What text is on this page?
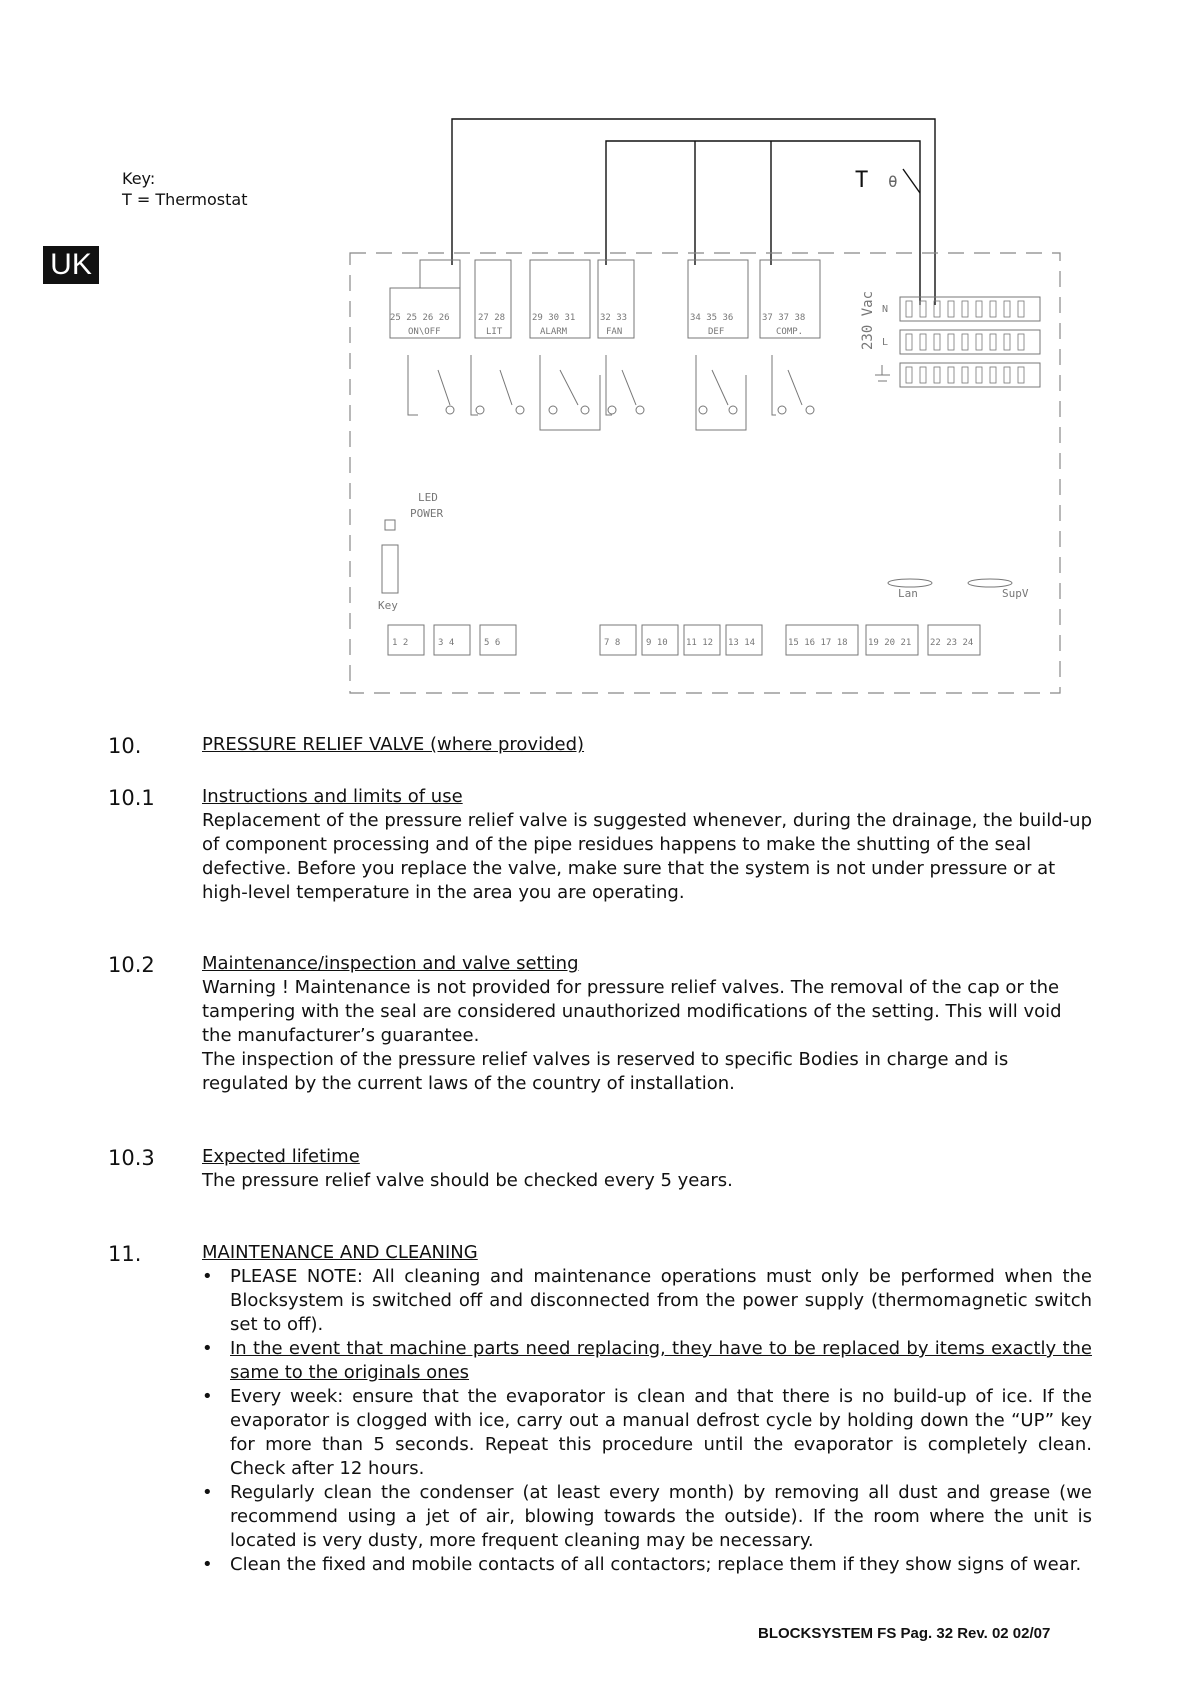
Key:
T = Thermostat
UK
T θ
25 25 26 26	27 28	29 30 31	32 33	34 35 36	37 37 38
ON\OFF	LIT	ALARM	FAN	DEF	COMP.
LED
POWER
Key
Lan	SupV
N
L
1 2	3 4	5 6	7 8	9 10 11 12 13 14	15 16 17 18 19 20 21 22 23 24
230 Vac
10.	PRESSURE RELIEF VALVE (where provided)
10.1	Instructions and limits of use

Replacement of the pressure relief valve is suggested whenever, during the drainage, the build-up of component processing and of the pipe residues happens to make the shutting of the seal defective. Before you replace the valve, make sure that the system is not under pressure or at high-level temperature in the area you are operating.

10.2	Maintenance/inspection and valve setting

Warning ! Maintenance is not provided for pressure relief valves. The removal of the cap or the tampering with the seal are considered unauthorized modifications of the setting. This will void the manufacturer’s guarantee.

The inspection of the pressure relief valves is reserved to specific Bodies in charge and is regulated by the current laws of the country of installation.

10.3	Expected lifetime

The pressure relief valve should be checked every 5 years.

11.	MAINTENANCE AND CLEANING
• PLEASE NOTE: All cleaning and maintenance operations must only be performed when the Blocksystem is switched off and disconnected from the power supply (thermomagnetic switch set to off).
• In the event that machine parts need replacing, they have to be replaced by items exactly the same to the originals ones
• Every week: ensure that the evaporator is clean and that there is no build-up of ice. If the evaporator is clogged with ice, carry out a manual defrost cycle by holding down the “UP” key for more than 5 seconds. Repeat this procedure until the evaporator is completely clean. Check after 12 hours.
• Regularly clean the condenser (at least every month) by removing all dust and grease (we recommend using a jet of air, blowing towards the outside). If the room where the unit is located is very dusty, more frequent cleaning may be necessary.
• Clean the fixed and mobile contacts of all contactors; replace them if they show signs of wear.
BLOCKSYSTEM FS Pag. 32 Rev. 02 02/07
